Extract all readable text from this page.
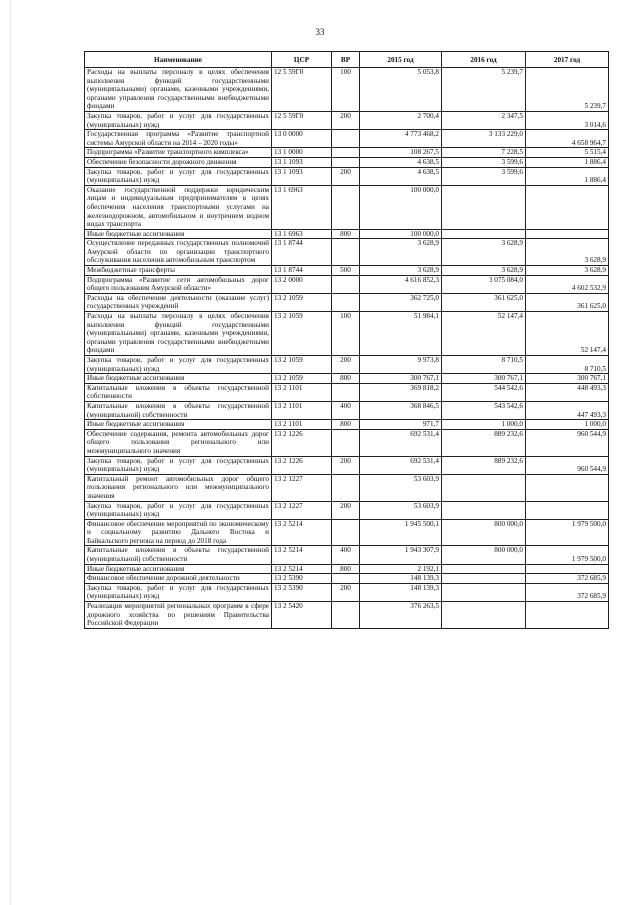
33
Наименование	ЦСР	ВР	2015 год	2016 год	2017 год
Расходы на выплаты персоналу в целях обеспечения выполнения функций государственными (муниципальными) органами, казенными учреждениями, органами управления государственными внебюджетными фондами	12 5 59Г0	100	5 053,8	5 239,7	5 239,7
Закупка товаров, работ и услуг для государственных (муниципальных) нужд	12 5 59Г0	200	2 700,4	2 347,5	3 014,6
Государственная программа «Развитие транспортной системы Амурской области на 2014 – 2020 годы»	13 0 0000		4 773 468,2	3 133 229,0	4 658 964,7
Подпрограмма «Развитие транспортного комплекса»	13 1 0000		108 267,5	7 228,5	5 515,4
Обеспечение безопасности дорожного движения	13 1 1093		4 638,5	3 599,6	1 886,4
Закупка товаров, работ и услуг для государственных (муниципальных) нужд	13 1 1093	200	4 638,5	3 599,6	1 886,4
Оказание государственной поддержки юридическим лицам и индивидуальным предпринимателям в целях обеспечения населения транспортными услугами на железнодорожном, автомобильном и внутреннем водном видах транспорта	13 1 6963		100 000,0		
Иные бюджетные ассигнования	13 1 6963	800	100 000,0		
Осуществление переданных государственных полномочий Амурской области по организации транспортного обслуживания населения автомобильным транспортом	13 1 8744		3 628,9	3 628,9	3 628,9
Межбюджетные трансферты	13 1 8744	500	3 628,9	3 628,9	3 628,9
Подпрограмма «Развитие сети автомобильных дорог общего пользования Амурской области»	13 2 0000		4 616 852,3	3 075 084,0	4 602 532,9
Расходы на обеспечение деятельности (оказание услуг) государственных учреждений	13 2 1059		362 725,0	361 625,0	361 625,0
Расходы на выплаты персоналу в целях обеспечения выполнения функций государственными (муниципальными) органами, казенными учреждениями, органами управления государственными внебюджетными фондами	13 2 1059	100	51 984,1	52 147,4	52 147,4
Закупка товаров, работ и услуг для государственных (муниципальных) нужд	13 2 1059	200	9 973,8	8 710,5	8 710,5
Иные бюджетные ассигнования	13 2 1059	800	300 767,1	300 767,1	300 767,1
Капитальные вложения в объекты государственной собственности	13 2 1101		369 818,2	544 542,6	448 493,3
Капитальные вложения в объекты государственной (муниципальной) собственности	13 2 1101	400	368 846,5	543 542,6	447 493,3
Иные бюджетные ассигнования	13 2 1101	800	971,7	1 000,0	1 000,0
Обеспечение содержания, ремонта автомобильных дорог общего пользования регионального или межмуниципального значения	13 2 1226		692 531,4	889 232,6	960 544,9
Закупка товаров, работ и услуг для государственных (муниципальных) нужд	13 2 1226	200	692 531,4	889 232,6	960 544,9
Капитальный ремонт автомобильных дорог общего пользования регионального или межмуниципального значения	13 2 1227		53 603,9		
Закупка товаров, работ и услуг для государственных (муниципальных) нужд	13 2 1227	200	53 603,9		
Финансовое обеспечение мероприятий по экономическому и социальному развитию Дальнего Востока и Байкальского региона на период до 2018 года	13 2 5214		1 945 500,1	800 000,0	1 979 500,0
Капитальные вложения в объекты государственной (муниципальной) собственности	13 2 5214	400	1 943 307,9	800 000,0	1 979 500,0
Иные бюджетные ассигнования	13 2 5214	800	2 192,1		
Финансовое обеспечение дорожной деятельности	13 2 5390		148 139,3		372 685,9
Закупка товаров, работ и услуг для государственных (муниципальных) нужд	13 2 5390	200	148 139,3		372 685,9
Реализация мероприятий региональных программ в сфере дорожного хозяйства по решениям Правительства Российской Федерации	13 2 5420		376 263,5		
